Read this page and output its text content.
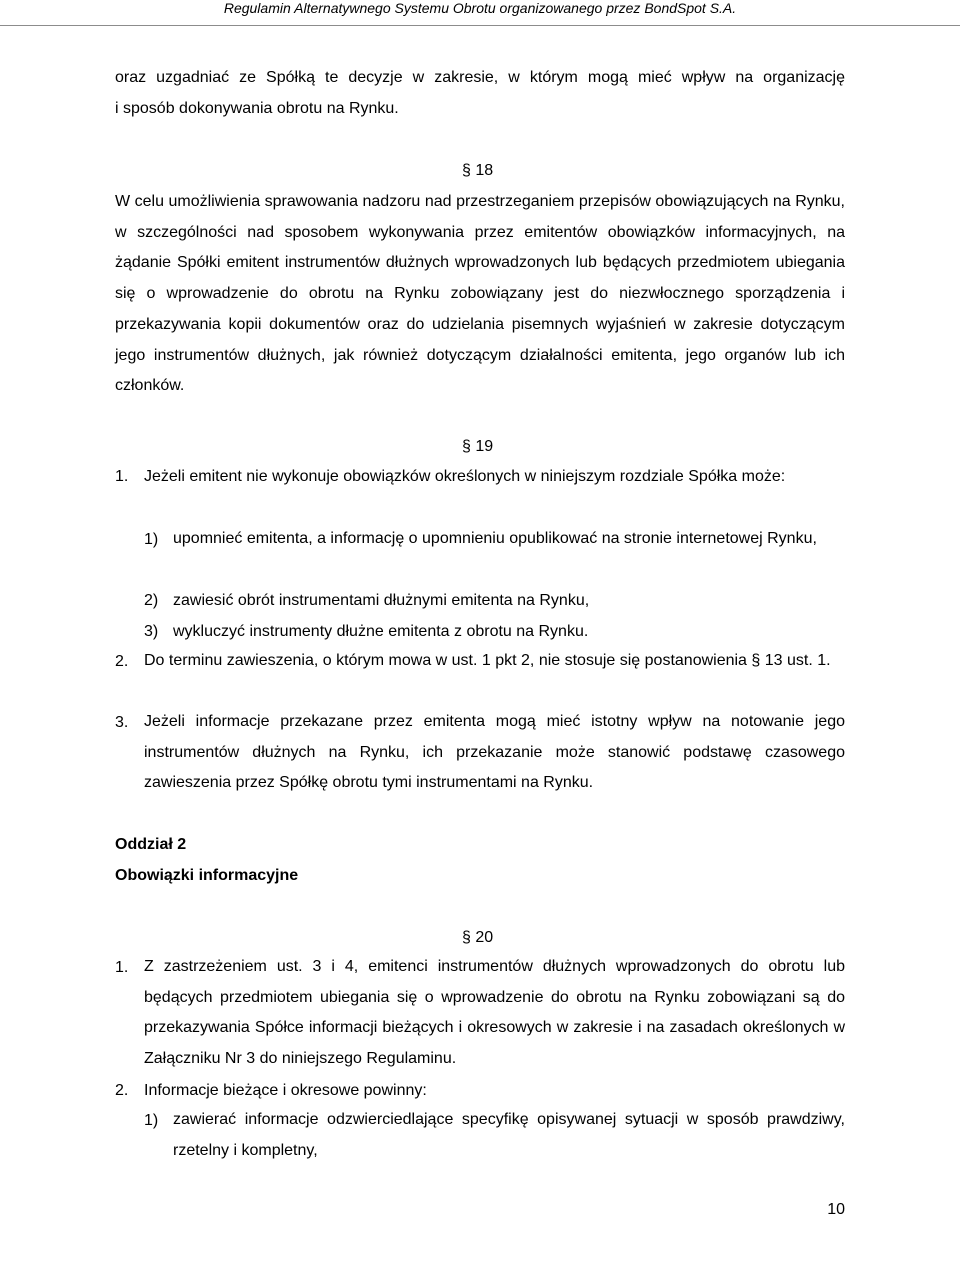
Regulamin Alternatywnego Systemu Obrotu organizowanego przez BondSpot S.A.
oraz uzgadniać ze Spółką te decyzje w zakresie, w którym mogą mieć wpływ na organizację
i sposób dokonywania obrotu na Rynku.
§ 18
W celu umożliwienia sprawowania nadzoru nad przestrzeganiem przepisów obowiązujących na Rynku, w szczególności nad sposobem wykonywania przez emitentów obowiązków informacyjnych, na żądanie Spółki emitent instrumentów dłużnych wprowadzonych lub będących przedmiotem ubiegania się o wprowadzenie do obrotu na Rynku zobowiązany jest do niezwłocznego sporządzenia i przekazywania kopii dokumentów oraz do udzielania pisemnych wyjaśnień w zakresie dotyczącym jego instrumentów dłużnych, jak również dotyczącym działalności emitenta, jego organów lub ich członków.
§ 19
1. Jeżeli emitent nie wykonuje obowiązków określonych w niniejszym rozdziale Spółka może:
1) upomnieć emitenta, a informację o upomnieniu opublikować na stronie internetowej Rynku,
2) zawiesić obrót instrumentami dłużnymi emitenta na Rynku,
3) wykluczyć instrumenty dłużne emitenta z obrotu na Rynku.
2. Do terminu zawieszenia, o którym mowa w ust. 1 pkt 2, nie stosuje się postanowienia § 13 ust. 1.
3. Jeżeli informacje przekazane przez emitenta mogą mieć istotny wpływ na notowanie jego instrumentów dłużnych na Rynku, ich przekazanie może stanowić podstawę czasowego zawieszenia przez Spółkę obrotu tymi instrumentami na Rynku.
Oddział 2
Obowiązki informacyjne
§ 20
1. Z zastrzeżeniem ust. 3 i 4, emitenci instrumentów dłużnych wprowadzonych do obrotu lub będących przedmiotem ubiegania się o wprowadzenie do obrotu na Rynku zobowiązani są do przekazywania Spółce informacji bieżących i okresowych w zakresie i na zasadach określonych w Załączniku Nr 3 do niniejszego Regulaminu.
2. Informacje bieżące i okresowe powinny:
1) zawierać informacje odzwierciedlające specyfikę opisywanej sytuacji w sposób prawdziwy, rzetelny i kompletny,
10
